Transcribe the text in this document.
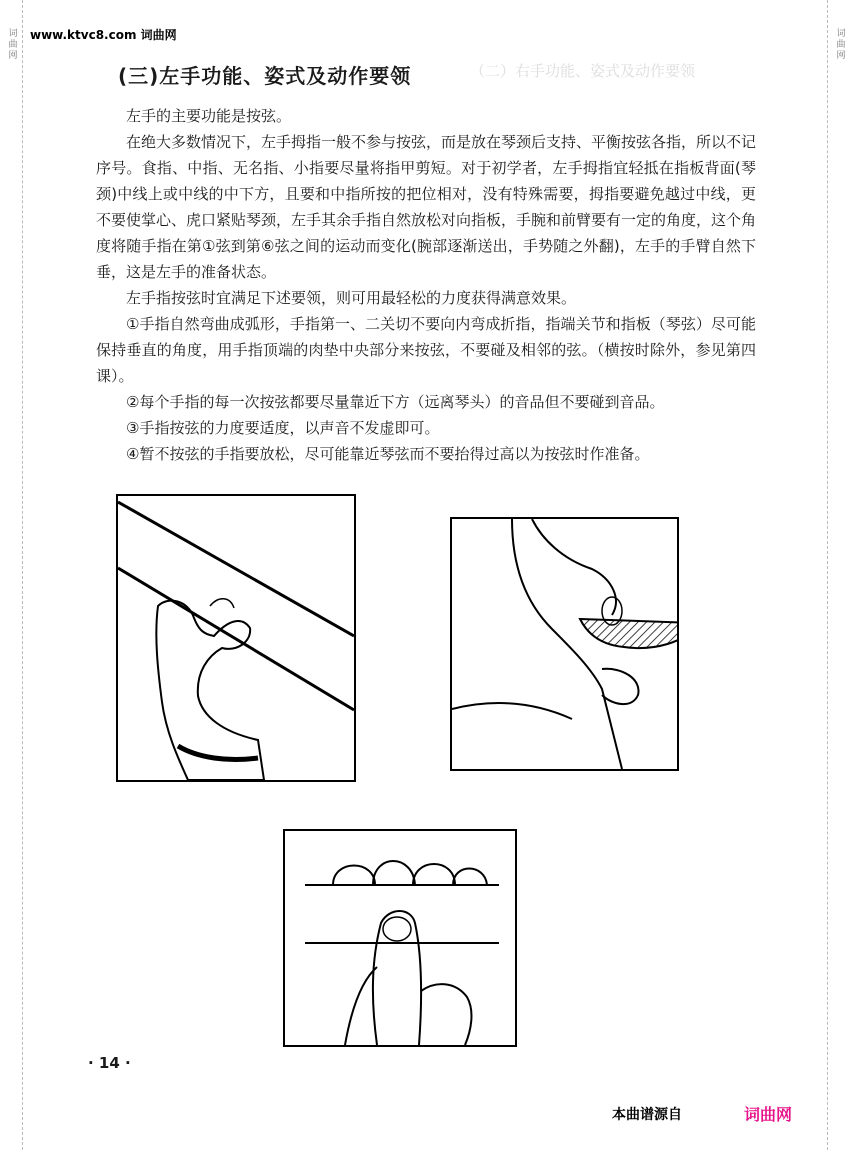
词曲网	词曲网
www.ktvc8.com 词曲网
（二）右手功能、姿式及动作要领
(三)左手功能、姿式及动作要领

左手的主要功能是按弦。

在绝大多数情况下，左手拇指一般不参与按弦，而是放在琴颈后支持、平衡按弦各指，所以不记序号。食指、中指、无名指、小指要尽量将指甲剪短。对于初学者，左手拇指宜轻抵在指板背面(琴颈)中线上或中线的中下方，且要和中指所按的把位相对，没有特殊需要，拇指要避免越过中线，更不要使掌心、虎口紧贴琴颈，左手其余手指自然放松对向指板，手腕和前臂要有一定的角度，这个角度将随手指在第①弦到第⑥弦之间的运动而变化(腕部逐渐送出，手势随之外翻)，左手的手臂自然下垂，这是左手的准备状态。

左手指按弦时宜满足下述要领，则可用最轻松的力度获得满意效果。

①手指自然弯曲成弧形，手指第一、二关切不要向内弯成折指，指端关节和指板（琴弦）尽可能保持垂直的角度，用手指顶端的肉垫中央部分来按弦，不要碰及相邻的弦。（横按时除外，参见第四课）。

②每个手指的每一次按弦都要尽量靠近下方（远离琴头）的音品但不要碰到音品。

③手指按弦的力度要适度，以声音不发虚即可。

④暂不按弦的手指要放松，尽可能靠近琴弦而不要抬得过高以为按弦时作准备。

· 14 ·
本曲谱源自	词曲网
